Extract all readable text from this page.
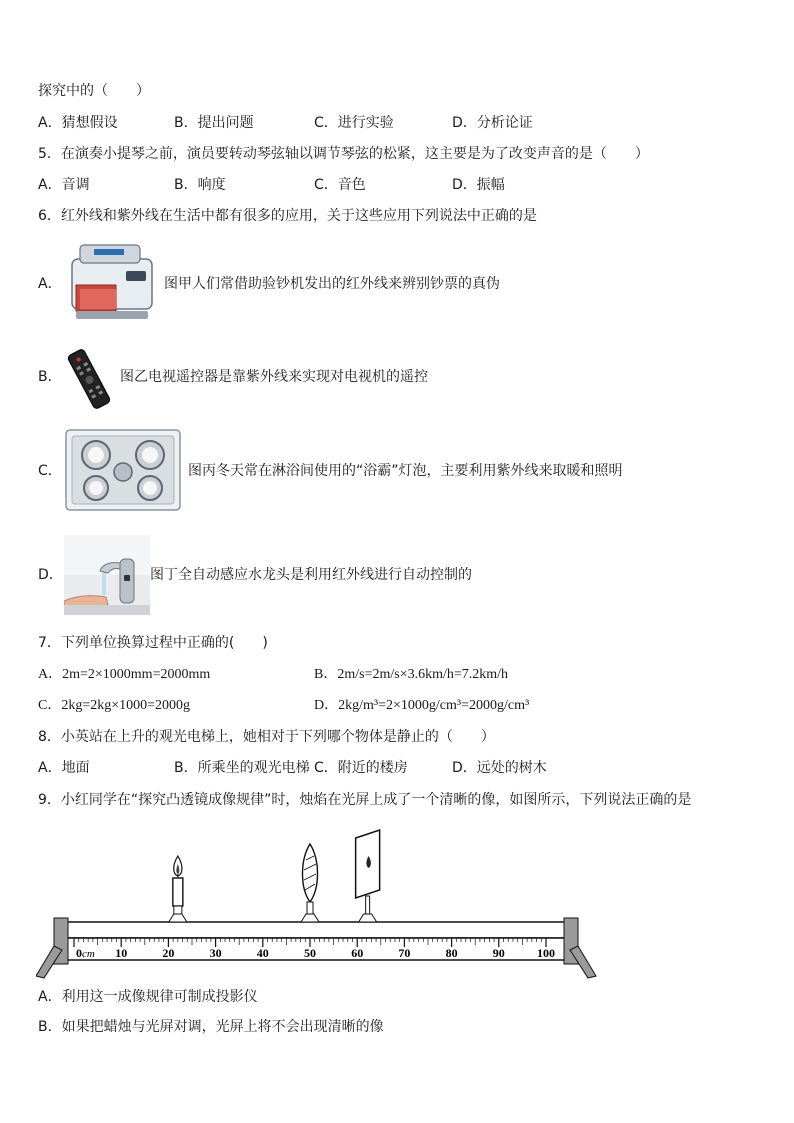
探究中的（　　）
A．猜想假设	B．提出问题	C．进行实验	D．分析论证
5．在演奏小提琴之前，演员要转动琴弦轴以调节琴弦的松紧，这主要是为了改变声音的是（　　）
A．音调	B．响度	C．音色	D．振幅
6．红外线和紫外线在生活中都有很多的应用，关于这些应用下列说法中正确的是
A．	图甲人们常借助验钞机发出的红外线来辨别钞票的真伪
B．	图乙电视遥控器是靠紫外线来实现对电视机的遥控
C．	图丙冬天常在淋浴间使用的“浴霸”灯泡，主要利用紫外线来取暖和照明
D．	图丁全自动感应水龙头是利用红外线进行自动控制的
7．下列单位换算过程中正确的(　　)
A．2m=2×1000mm=2000mm	B．2m/s=2m/s×3.6km/h=7.2km/h
C．2kg=2kg×1000=2000g	D．2kg/m³=2×1000g/cm³=2000g/cm³
8．小英站在上升的观光电梯上，她相对于下列哪个物体是静止的（　　）
A．地面	B．所乘坐的观光电梯 C．附近的楼房	D．远处的树木
9．小红同学在“探究凸透镜成像规律”时，烛焰在光屏上成了一个清晰的像，如图所示，下列说法正确的是
0	10	20	30	40	50	60	70	80	90	100
cm
A．利用这一成像规律可制成投影仪
B．如果把蜡烛与光屏对调，光屏上将不会出现清晰的像
